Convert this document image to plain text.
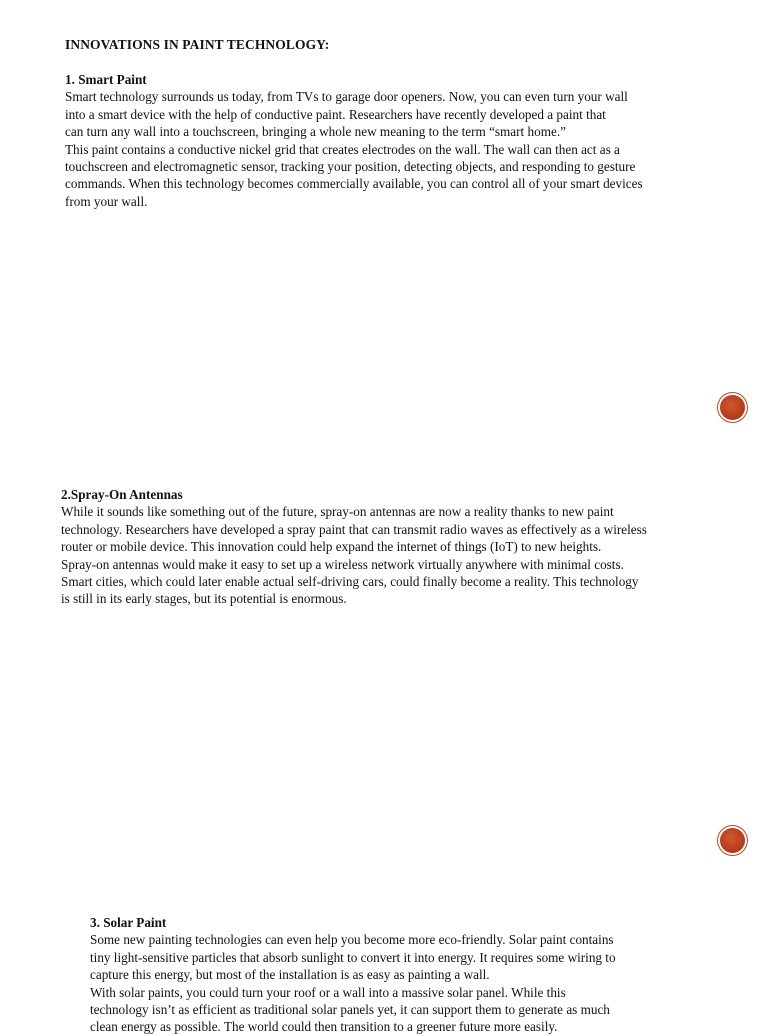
INNOVATIONS IN PAINT TECHNOLOGY:
1. Smart Paint
Smart technology surrounds us today, from TVs to garage door openers. Now, you can even turn your wall
into a smart device with the help of conductive paint. Researchers have recently developed a paint that
can turn any wall into a touchscreen, bringing a whole new meaning to the term “smart home.”
This paint contains a conductive nickel grid that creates electrodes on the wall. The wall can then act as a
touchscreen and electromagnetic sensor, tracking your position, detecting objects, and responding to gesture
commands. When this technology becomes commercially available, you can control all of your smart devices
from your wall.
2.Spray-On Antennas
While it sounds like something out of the future, spray-on antennas are now a reality thanks to new paint
technology. Researchers have developed a spray paint that can transmit radio waves as effectively as a wireless
router or mobile device. This innovation could help expand the internet of things (IoT) to new heights.
Spray-on antennas would make it easy to set up a wireless network virtually anywhere with minimal costs.
Smart cities, which could later enable actual self-driving cars, could finally become a reality. This technology
is still in its early stages, but its potential is enormous.
3. Solar Paint
Some new painting technologies can even help you become more eco-friendly. Solar paint contains
tiny light-sensitive particles that absorb sunlight to convert it into energy. It requires some wiring to
capture this energy, but most of the installation is as easy as painting a wall.
With solar paints, you could turn your roof or a wall into a massive solar panel. While this
technology isn’t as efficient as traditional solar panels yet, it can support them to generate as much
clean energy as possible. The world could then transition to a greener future more easily.
